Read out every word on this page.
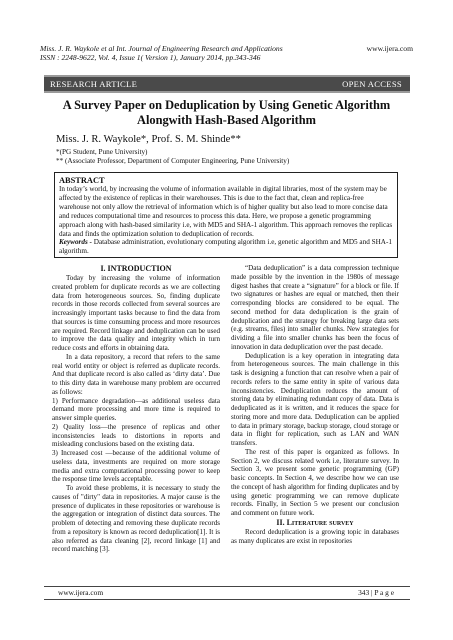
Miss. J. R. Waykole et al Int. Journal of Engineering Research and Applications
ISSN : 2248-9622, Vol. 4, Issue 1( Version 1), January 2014, pp.343-346
www.ijera.com
RESEARCH ARTICLE	OPEN ACCESS
A Survey Paper on Deduplication by Using Genetic Algorithm Alongwith Hash-Based Algorithm
Miss. J. R. Waykole*, Prof. S. M. Shinde**
*(PG Student, Pune University)
** (Associate Professor, Department of Computer Engineering, Pune University)
ABSTRACT
In today’s world, by increasing the volume of information available in digital libraries, most of the system may be affected by the existence of replicas in their warehouses. This is due to the fact that, clean and replica-free warehouse not only allow the retrieval of information which is of higher quality but also lead to more concise data and reduces computational time and resources to process this data. Here, we propose a genetic programming approach along with hash-based similarity i.e, with MD5 and SHA-1 algorithm. This approach removes the replicas data and finds the optimization solution to deduplication of records.
Keywords - Database administration, evolutionary computing algorithm i.e, genetic algorithm and MD5 and SHA-1 algorithm.
I. INTRODUCTION

Today by increasing the volume of information created problem for duplicate records as we are collecting data from heterogeneous sources. So, finding duplicate records in those records collected from several sources are increasingly important tasks because to find the data from that sources is time consuming process and more resources are required. Record linkage and deduplication can be used to improve the data quality and integrity which in turn reduce costs and efforts in obtaining data.

In a data repository, a record that refers to the same real world entity or object is referred as duplicate records. And that duplicate record is also called as ‘dirty data’. Due to this dirty data in warehouse many problem are occurred as follows:

1) Performance degradation—as additional useless data demand more processing and more time is required to answer simple queries.

2) Quality loss—the presence of replicas and other inconsistencies leads to distortions in reports and misleading conclusions based on the existing data.

3) Increased cost —because of the additional volume of useless data, investments are required on more storage media and extra computational processing power to keep the response time levels acceptable.

To avoid these problems, it is necessary to study the causes of "dirty" data in repositories. A major cause is the presence of duplicates in these repositories or warehouse is the aggregation or integration of distinct data sources. The problem of detecting and removing these duplicate records from a repository is known as record deduplication[1]. It is also referred as data cleaning [2], record linkage [1] and record matching [3].

“Data deduplication” is a data compression technique made possible by the invention in the 1980s of message digest hashes that create a “signature” for a block or file. If two signatures or hashes are equal or matched, then their corresponding blocks are considered to be equal. The second method for data deduplication is the grain of deduplication and the strategy for breaking large data sets (e.g. streams, files) into smaller chunks. New strategies for dividing a file into smaller chunks has been the focus of innovation in data deduplication over the past decade.

Deduplication is a key operation in integrating data from heterogeneous sources. The main challenge in this task is designing a function that can resolve when a pair of records refers to the same entity in spite of various data inconsistencies. Deduplication reduces the amount of storing data by eliminating redundant copy of data. Data is deduplicated as it is written, and it reduces the space for storing more and more data. Deduplication can be applied to data in primary storage, backup storage, cloud storage or data in flight for replication, such as LAN and WAN transfers.

The rest of this paper is organized as follows. In Section 2, we discuss related work i.e, literature survey. In Section 3, we present some genetic programming (GP) basic concepts. In Section 4, we describe how we can use the concept of hash algorithm for finding duplicates and by using genetic programming we can remove duplicate records. Finally, in Section 5 we present our conclusion and comment on future work.

II. Literature survey

Record deduplication is a growing topic in databases as many duplicates are exist in repositories

www.ijera.com	343 | P a g e
